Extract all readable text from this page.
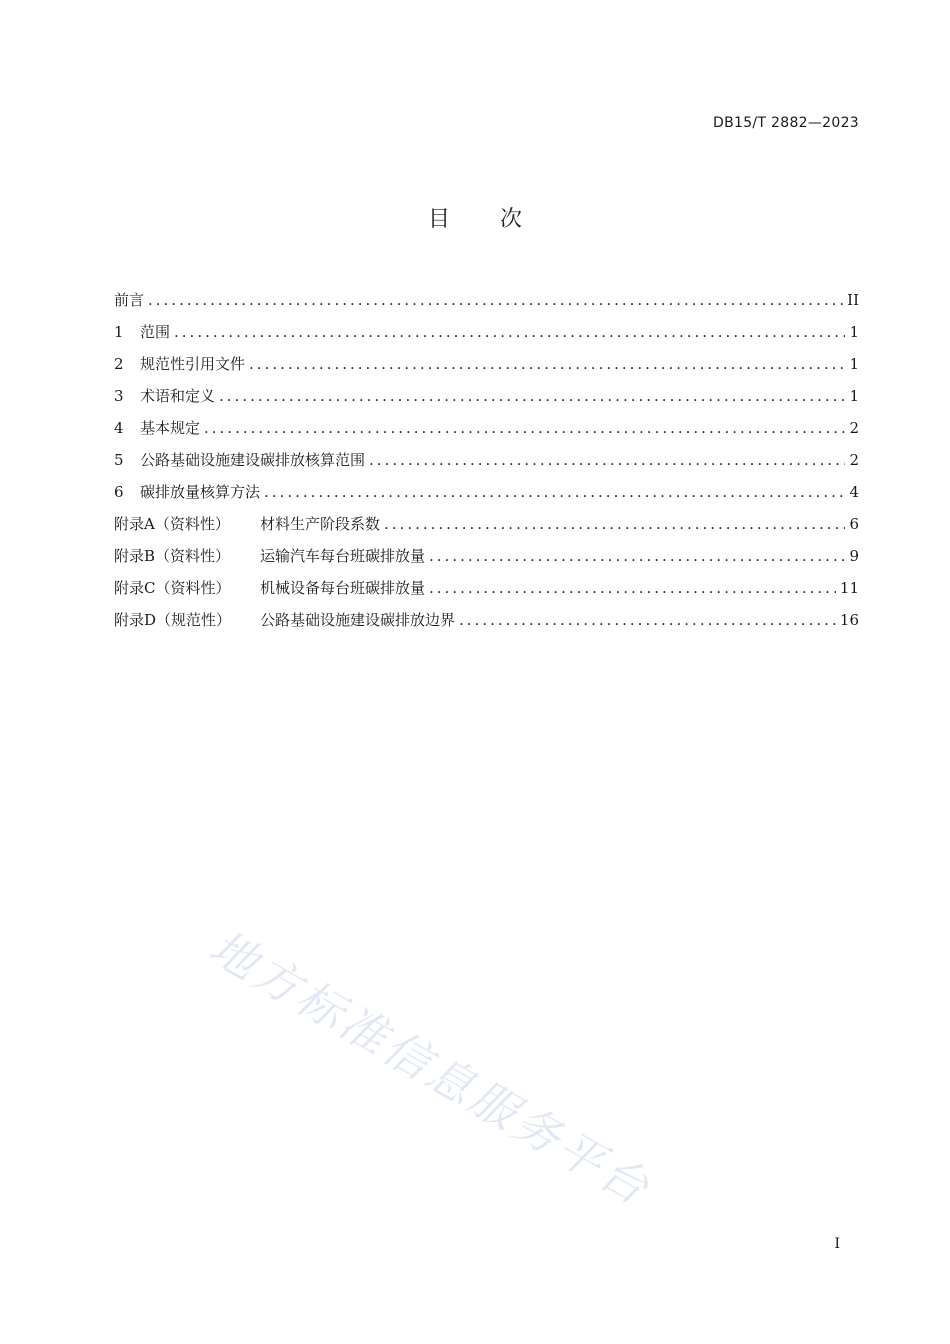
DB15/T 2882—2023
目 次
前言 .....	II
1 范围 .....	1
2 规范性引用文件 .....	1
3 术语和定义 .....	1
4 基本规定 .....	2
5 公路基础设施建设碳排放核算范围 .....	2
6 碳排放量核算方法 .....	4
附录A（资料性） 材料生产阶段系数 .....	6
附录B（资料性） 运输汽车每台班碳排放量 .....	9
附录C（资料性） 机械设备每台班碳排放量 .....	11
附录D（规范性） 公路基础设施建设碳排放边界 .....	16
地方标准信息服务平台
I
